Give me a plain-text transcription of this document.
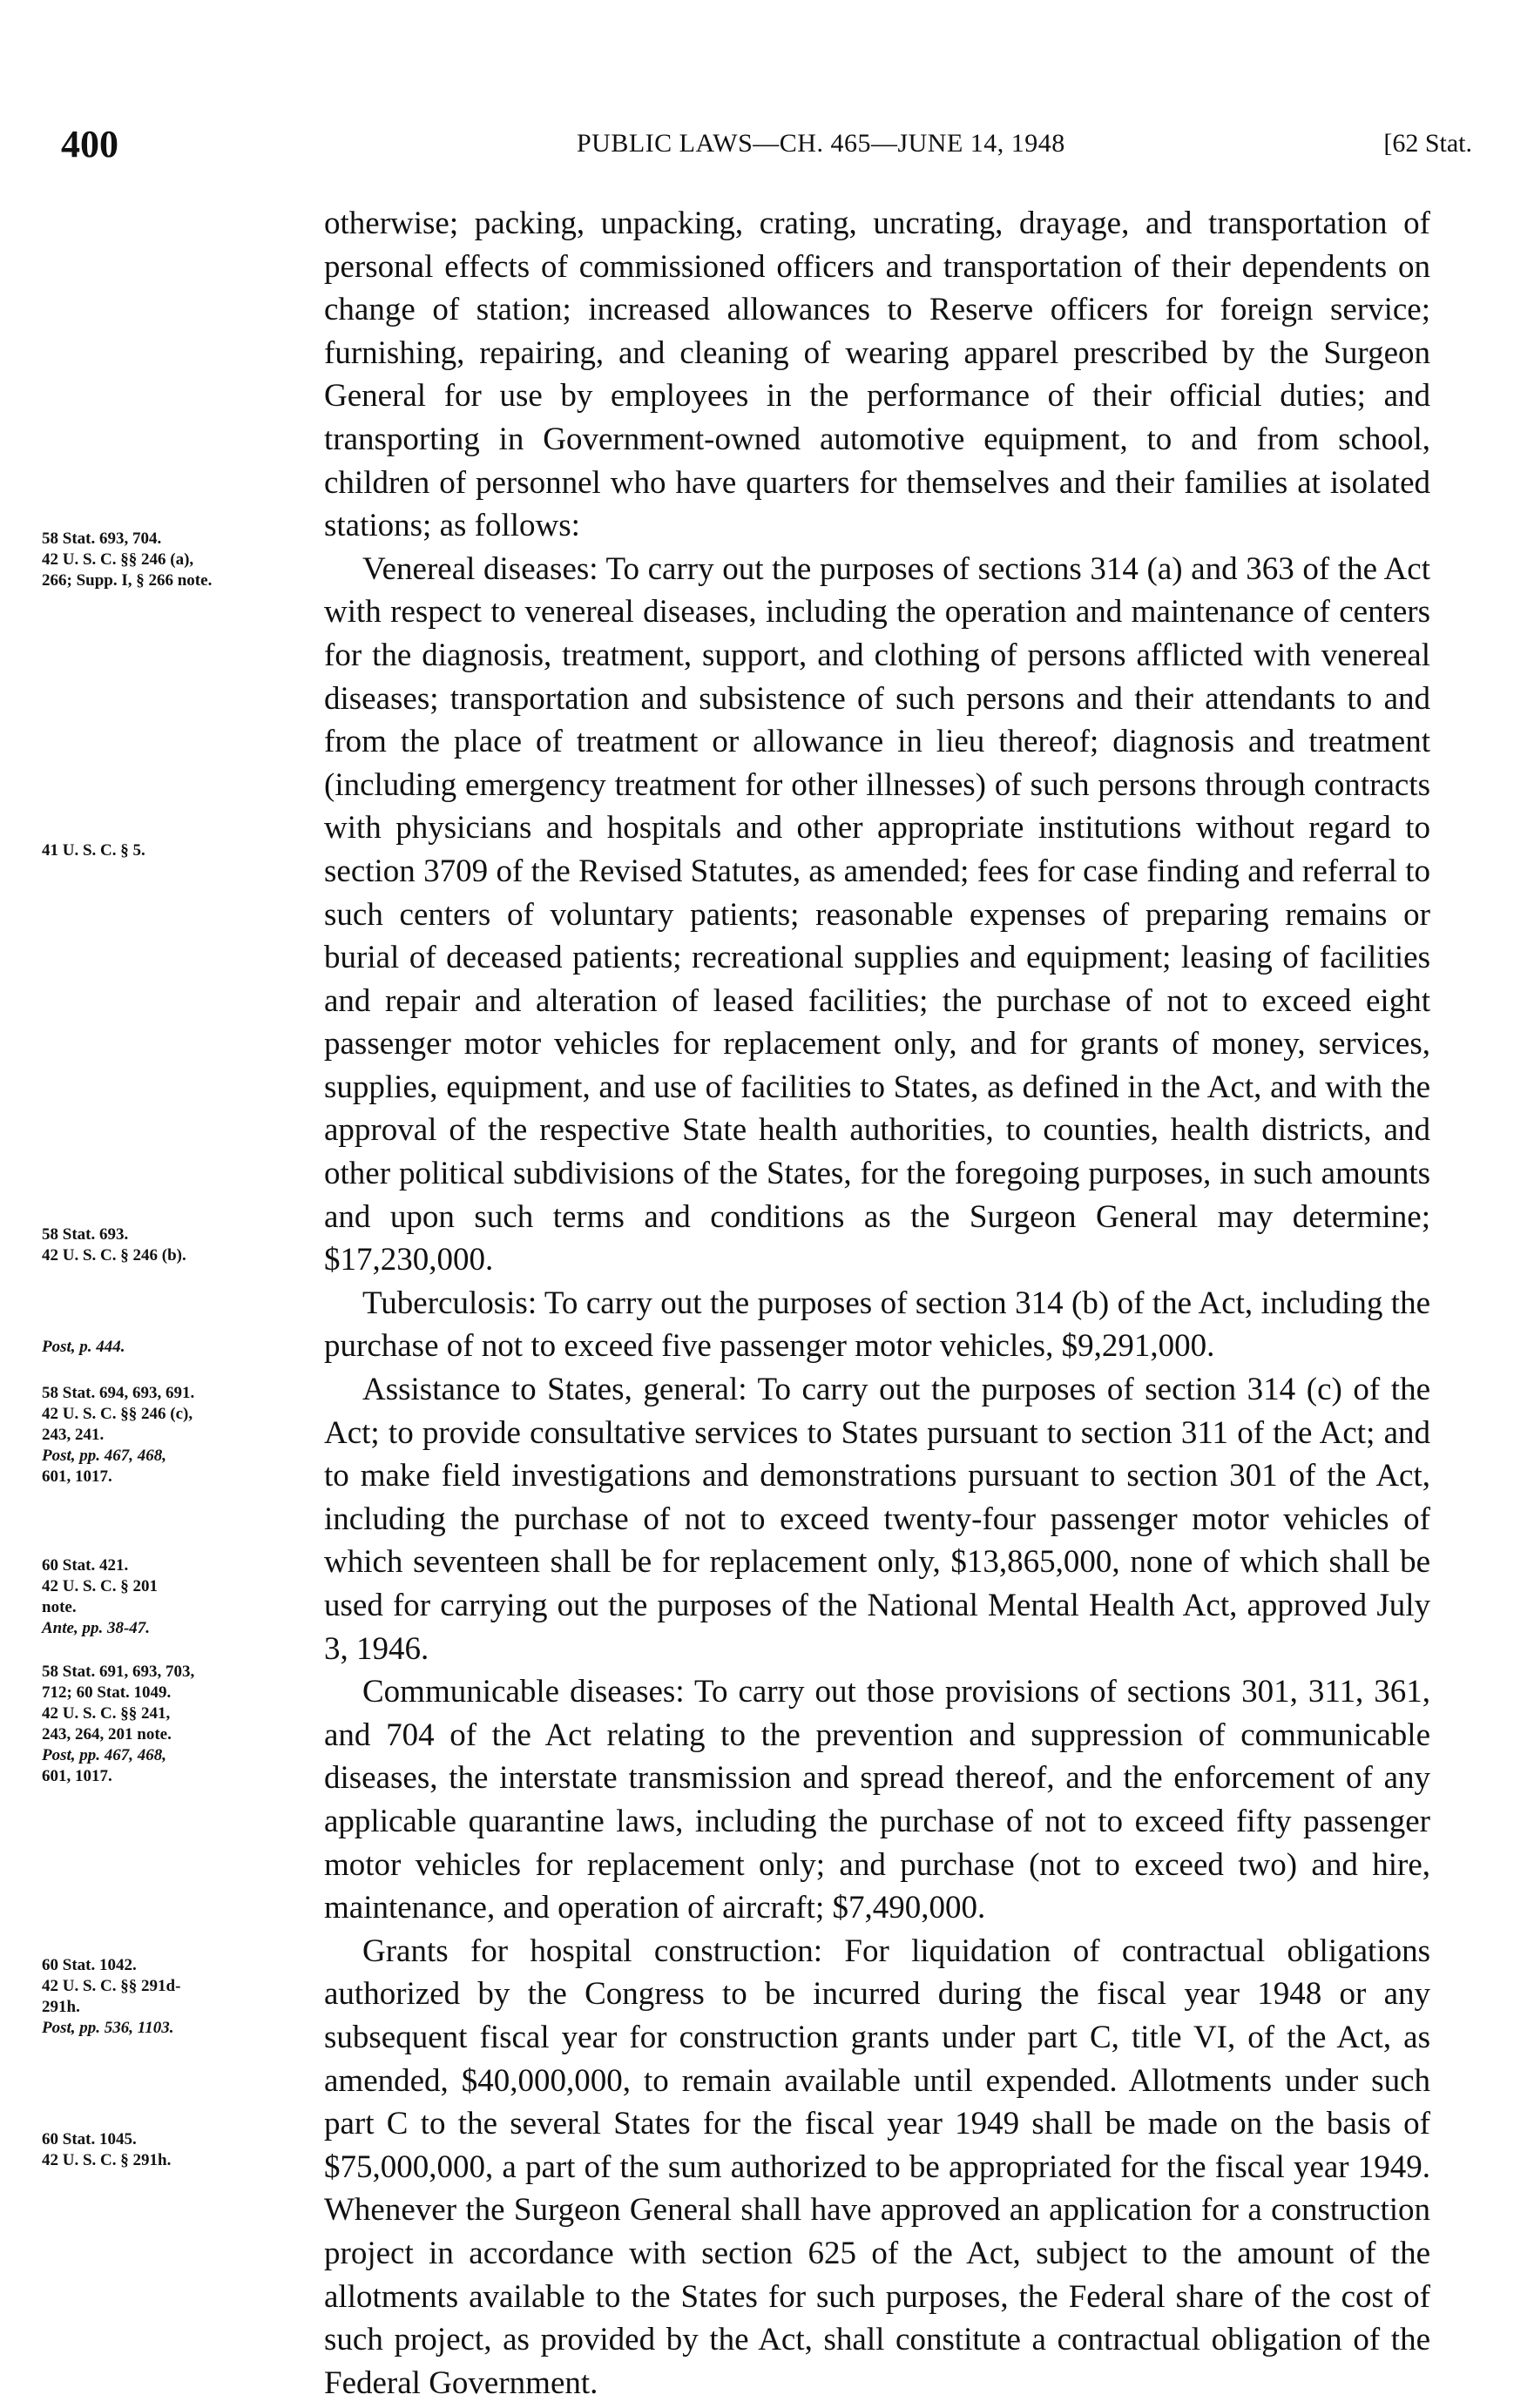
400	PUBLIC LAWS—CH. 465—JUNE 14, 1948	[62 Stat.
58 Stat. 693, 704.
42 U. S. C. §§ 246 (a),
266; Supp. I, § 266 note.
41 U. S. C. § 5.
58 Stat. 693.
42 U. S. C. § 246 (b).
Post, p. 444.
58 Stat. 694, 693, 691.
42 U. S. C. §§ 246 (c),
243, 241.
Post, pp. 467, 468,
601, 1017.
60 Stat. 421.
42 U. S. C. § 201
note.
Ante, pp. 38-47.
58 Stat. 691, 693, 703,
712; 60 Stat. 1049.
42 U. S. C. §§ 241,
243, 264, 201 note.
Post, pp. 467, 468,
601, 1017.
60 Stat. 1042.
42 U. S. C. §§ 291d-
291h.
Post, pp. 536, 1103.
60 Stat. 1045.
42 U. S. C. § 291h.

otherwise; packing, unpacking, crating, uncrating, drayage, and transportation of personal effects of commissioned officers and transportation of their dependents on change of station; increased allowances to Reserve officers for foreign service; furnishing, repairing, and cleaning of wearing apparel prescribed by the Surgeon General for use by employees in the performance of their official duties; and transporting in Government-owned automotive equipment, to and from school, children of personnel who have quarters for themselves and their families at isolated stations; as follows:

Venereal diseases: To carry out the purposes of sections 314 (a) and 363 of the Act with respect to venereal diseases, including the operation and maintenance of centers for the diagnosis, treatment, support, and clothing of persons afflicted with venereal diseases; transportation and subsistence of such persons and their attendants to and from the place of treatment or allowance in lieu thereof; diagnosis and treatment (including emergency treatment for other illnesses) of such persons through contracts with physicians and hospitals and other appropriate institutions without regard to section 3709 of the Revised Statutes, as amended; fees for case finding and referral to such centers of voluntary patients; reasonable expenses of preparing remains or burial of deceased patients; recreational supplies and equipment; leasing of facilities and repair and alteration of leased facilities; the purchase of not to exceed eight passenger motor vehicles for replacement only, and for grants of money, services, supplies, equipment, and use of facilities to States, as defined in the Act, and with the approval of the respective State health authorities, to counties, health districts, and other political subdivisions of the States, for the foregoing purposes, in such amounts and upon such terms and conditions as the Surgeon General may determine; $17,230,000.

Tuberculosis: To carry out the purposes of section 314 (b) of the Act, including the purchase of not to exceed five passenger motor vehicles, $9,291,000.

Assistance to States, general: To carry out the purposes of section 314 (c) of the Act; to provide consultative services to States pursuant to section 311 of the Act; and to make field investigations and demonstrations pursuant to section 301 of the Act, including the purchase of not to exceed twenty-four passenger motor vehicles of which seventeen shall be for replacement only, $13,865,000, none of which shall be used for carrying out the purposes of the National Mental Health Act, approved July 3, 1946.

Communicable diseases: To carry out those provisions of sections 301, 311, 361, and 704 of the Act relating to the prevention and suppression of communicable diseases, the interstate transmission and spread thereof, and the enforcement of any applicable quarantine laws, including the purchase of not to exceed fifty passenger motor vehicles for replacement only; and purchase (not to exceed two) and hire, maintenance, and operation of aircraft; $7,490,000.

Grants for hospital construction: For liquidation of contractual obligations authorized by the Congress to be incurred during the fiscal year 1948 or any subsequent fiscal year for construction grants under part C, title VI, of the Act, as amended, $40,000,000, to remain available until expended. Allotments under such part C to the several States for the fiscal year 1949 shall be made on the basis of $75,000,000, a part of the sum authorized to be appropriated for the fiscal year 1949. Whenever the Surgeon General shall have approved an application for a construction project in accordance with section 625 of the Act, subject to the amount of the allotments available to the States for such purposes, the Federal share of the cost of such project, as provided by the Act, shall constitute a contractual obligation of the Federal Government.
